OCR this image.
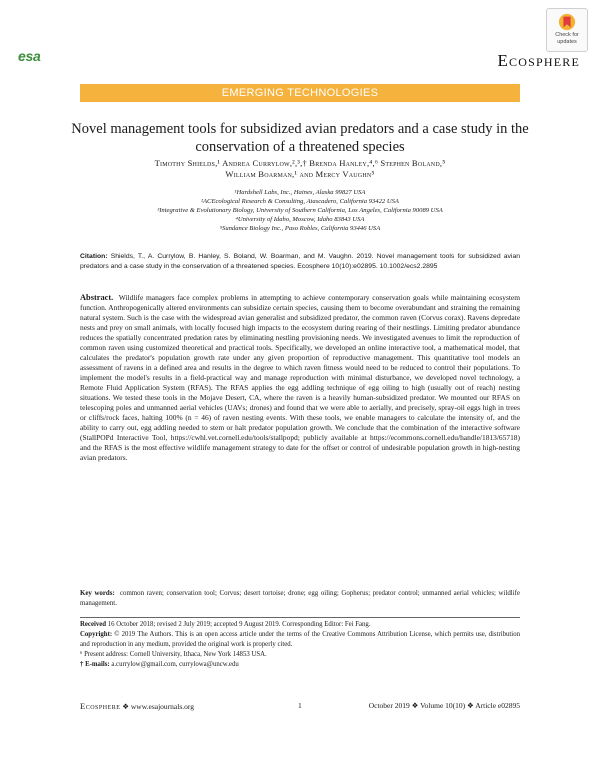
Check for
updates
esa	Ecosphere
EMERGING TECHNOLOGIES
Novel management tools for subsidized avian predators and a case study in the conservation of a threatened species
Timothy Shields,¹ Andrea Currylow,²,³,† Brenda Hanley,⁴,⁶ Stephen Boland,⁵
William Boarman,¹ and Mercy Vaughn⁵
¹Hardshell Labs, Inc., Haines, Alaska 99827 USA
²ACEcological Research & Consulting, Atascadero, California 93422 USA
³Integrative & Evolutionary Biology, University of Southern California, Los Angeles, California 90089 USA
⁴University of Idaho, Moscow, Idaho 83843 USA
⁵Sundance Biology Inc., Paso Robles, California 93446 USA

Citation: Shields, T., A. Currylow, B. Hanley, S. Boland, W. Boarman, and M. Vaughn. 2019. Novel management tools for subsidized avian predators and a case study in the conservation of a threatened species. Ecosphere 10(10):e02895. 10.1002/ecs2.2895

Abstract. Wildlife managers face complex problems in attempting to achieve contemporary conservation goals while maintaining ecosystem function. Anthropogenically altered environments can subsidize certain species, causing them to become overabundant and straining the remaining natural system. Such is the case with the widespread avian generalist and subsidized predator, the common raven (Corvus corax). Ravens depredate nests and prey on small animals, with locally focused high impacts to the ecosystem during rearing of their nestlings. Limiting predator abundance reduces the spatially concentrated predation rates by eliminating nestling provisioning needs. We investigated avenues to limit the reproduction of common raven using customized theoretical and practical tools. Specifically, we developed an online interactive tool, a mathematical model, that calculates the predator's population growth rate under any given proportion of reproductive management. This quantitative tool models an assessment of ravens in a defined area and results in the degree to which raven fitness would need to be reduced to control their populations. To implement the model's results in a field-practical way and manage reproduction with minimal disturbance, we developed novel technology, a Remote Fluid Application System (RFAS). The RFAS applies the egg addling technique of egg oiling to high (usually out of reach) nesting situations. We tested these tools in the Mojave Desert, CA, where the raven is a heavily human-subsidized predator. We mounted our RFAS on telescoping poles and unmanned aerial vehicles (UAVs; drones) and found that we were able to aerially, and precisely, spray-oil eggs high in trees or cliffs/rock faces, halting 100% (n = 46) of raven nesting events. With these tools, we enable managers to calculate the intensity of, and the ability to carry out, egg addling needed to stem or halt predator population growth. We conclude that the combination of the interactive software (StallPOPd Interactive Tool, https://cwhl.vet.cornell.edu/tools/stallpopd; publicly available at https://ecommons.cornell.edu/handle/1813/65718) and the RFAS is the most effective wildlife management strategy to date for the offset or control of undesirable population growth in high-nesting avian predators.

Key words: common raven; conservation tool; Corvus; desert tortoise; drone; egg oiling; Gopherus; predator control; unmanned aerial vehicles; wildlife management.

Received 16 October 2018; revised 2 July 2019; accepted 9 August 2019. Corresponding Editor: Fei Fang.
Copyright: © 2019 The Authors. This is an open access article under the terms of the Creative Commons Attribution License, which permits use, distribution and reproduction in any medium, provided the original work is properly cited.
⁶ Present address: Cornell University, Ithaca, New York 14853 USA.
† E-mails: a.currylow@gmail.com, currylowa@uncw.edu
Ecosphere ❖ www.esajournals.org	1	October 2019 ❖ Volume 10(10) ❖ Article e02895
